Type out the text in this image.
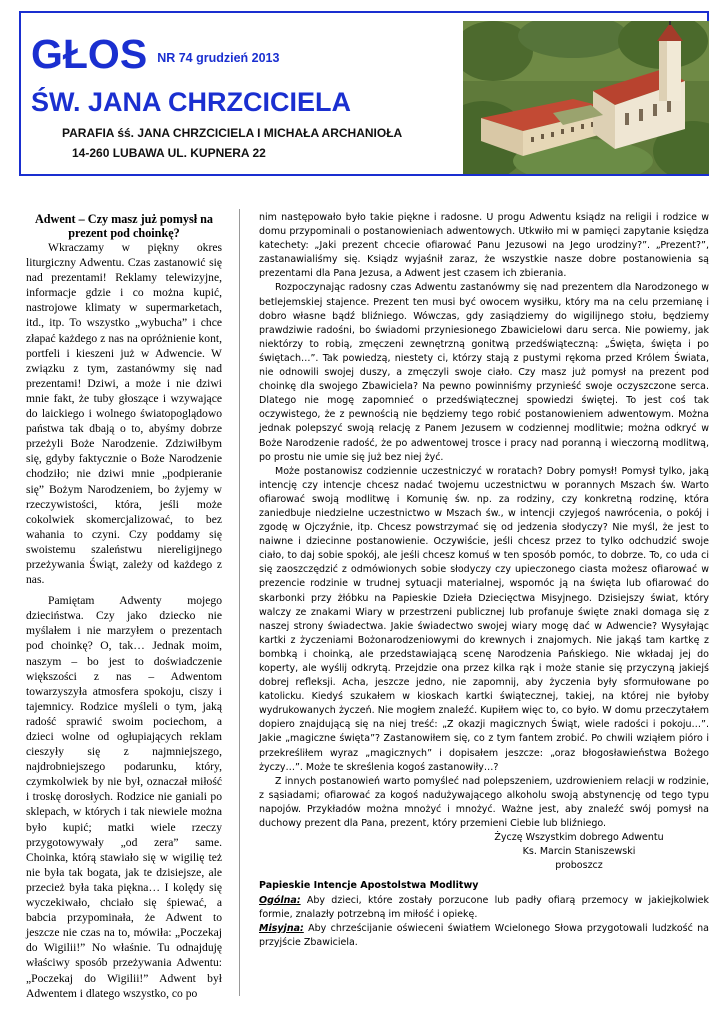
GŁOS $^{NR 74 grudzień 2013}$
ŚW. JANA CHRZCICIELA
PARAFIA śś. JANA CHRZCICIELA I MICHAŁA ARCHANIOŁA
14-260 LUBAWA UL. KUPNERA 22
Adwent – Czy masz już pomysł na prezent pod choinkę?

Wkraczamy w piękny okres liturgiczny Adwentu. Czas zastanowić się nad prezentami! Reklamy telewizyjne, informacje gdzie i co można kupić, nastrojowe klimaty w supermarketach, itd., itp. To wszystko „wybucha” i chce złapać każdego z nas na opróżnienie kont, portfeli i kieszeni już w Adwencie. W związku z tym, zastanówmy się nad prezentami! Dziwi, a może i nie dziwi mnie fakt, że tuby głoszące i wzywające do laickiego i wolnego światopoglądowo państwa tak dbają o to, abyśmy dobrze przeżyli Boże Narodzenie. Zdziwiłbym się, gdyby faktycznie o Boże Narodzenie chodziło; nie dziwi mnie „podpieranie się” Bożym Narodzeniem, bo żyjemy w rzeczywistości, która, jeśli może cokolwiek skomercjalizować, to bez wahania to czyni. Czy poddamy się swoistemu szaleństwu niereligijnego przeżywania Świąt, zależy od każdego z nas.

Pamiętam Adwenty mojego dzieciństwa. Czy jako dziecko nie myślałem i nie marzyłem o prezentach pod choinkę? O, tak… Jednak moim, naszym – bo jest to doświadczenie większości z nas – Adwentom towarzyszyła atmosfera spokoju, ciszy i tajemnicy. Rodzice myśleli o tym, jaką radość sprawić swoim pociechom, a dzieci wolne od ogłupiających reklam cieszyły się z najmniejszego, najdrobniejszego podarunku, który, czymkolwiek by nie był, oznaczał miłość i troskę dorosłych. Rodzice nie ganiali po sklepach, w których i tak niewiele można było kupić; matki wiele rzeczy przygotowywały „od zera” same. Choinka, którą stawiało się w wigilię też nie była tak bogata, jak te dzisiejsze, ale przecież była taka piękna… I kolędy się wyczekiwało, chciało się śpiewać, a babcia przypominała, że Adwent to jeszcze nie czas na to, mówiła: „Poczekaj do Wigilii!” No właśnie. Tu odnajduję właściwy sposób przeżywania Adwentu: „Poczekaj do Wigilii!” Adwent był Adwentem i dlatego wszystko, co po

nim następowało było takie piękne i radosne. U progu Adwentu ksiądz na religii i rodzice w domu przypominali o postanowieniach adwentowych. Utkwiło mi w pamięci zapytanie księdza katechety: „Jaki prezent chcecie ofiarować Panu Jezusowi na Jego urodziny?”. „Prezent?”, zastanawialiśmy się. Ksiądz wyjaśnił zaraz, że wszystkie nasze dobre postanowienia są prezentami dla Pana Jezusa, a Adwent jest czasem ich zbierania.

Rozpoczynając radosny czas Adwentu zastanówmy się nad prezentem dla Narodzonego w betlejemskiej stajence. Prezent ten musi być owocem wysiłku, który ma na celu przemianę i dobro własne bądź bliźniego. Wówczas, gdy zasiądziemy do wigilijnego stołu, będziemy prawdziwie radośni, bo świadomi przyniesionego Zbawicielowi daru serca. Nie powiemy, jak niektórzy to robią, zmęczeni zewnętrzną gonitwą przedświąteczną: „Święta, święta i po świętach…”. Tak powiedzą, niestety ci, którzy stają z pustymi rękoma przed Królem Świata, nie odnowili swojej duszy, a zmęczyli swoje ciało. Czy masz już pomysł na prezent pod choinkę dla swojego Zbawiciela? Na pewno powinniśmy przynieść swoje oczyszczone serca. Dlatego nie mogę zapomnieć o przedświątecznej spowiedzi świętej. To jest coś tak oczywistego, że z pewnością nie będziemy tego robić postanowieniem adwentowym. Można jednak polepszyć swoją relację z Panem Jezusem w codziennej modlitwie; można odkryć w Boże Narodzenie radość, że po adwentowej trosce i pracy nad poranną i wieczorną modlitwą, po prostu nie umie się już bez niej żyć.

Może postanowisz codziennie uczestniczyć w roratach? Dobry pomysł! Pomysł tylko, jaką intencję czy intencje chcesz nadać twojemu uczestnictwu w porannych Mszach św. Warto ofiarować swoją modlitwę i Komunię św. np. za rodziny, czy konkretną rodzinę, która zaniedbuje niedzielne uczestnictwo w Mszach św., w intencji czyjegoś nawrócenia, o pokój i zgodę w Ojczyźnie, itp. Chcesz powstrzymać się od jedzenia słodyczy? Nie myśl, że jest to naiwne i dziecinne postanowienie. Oczywiście, jeśli chcesz przez to tylko odchudzić swoje ciało, to daj sobie spokój, ale jeśli chcesz komuś w ten sposób pomóc, to dobrze. To, co uda ci się zaoszczędzić z odmówionych sobie słodyczy czy upieczonego ciasta możesz ofiarować w prezencie rodzinie w trudnej sytuacji materialnej, wspomóc ją na święta lub ofiarować do skarbonki przy żłóbku na Papieskie Dzieła Dziecięctwa Misyjnego. Dzisiejszy świat, który walczy ze znakami Wiary w przestrzeni publicznej lub profanuje święte znaki domaga się z naszej strony świadectwa. Jakie świadectwo swojej wiary mogę dać w Adwencie? Wysyłając kartki z życzeniami Bożonarodzeniowymi do krewnych i znajomych. Nie jakąś tam kartkę z bombką i choinką, ale przedstawiającą scenę Narodzenia Pańskiego. Nie wkładaj jej do koperty, ale wyślij odkrytą. Przejdzie ona przez kilka rąk i może stanie się przyczyną jakiejś dobrej refleksji. Acha, jeszcze jedno, nie zapomnij, aby życzenia były sformułowane po katolicku. Kiedyś szukałem w kioskach kartki świątecznej, takiej, na której nie byłoby wydrukowanych życzeń. Nie mogłem znaleźć. Kupiłem więc to, co było. W domu przeczytałem dopiero znajdującą się na niej treść: „Z okazji magicznych Świąt, wiele radości i pokoju…”. Jakie „magiczne święta”? Zastanowiłem się, co z tym fantem zrobić. Po chwili wziąłem pióro i przekreśliłem wyraz „magicznych” i dopisałem jeszcze: „oraz błogosławieństwa Bożego życzy…”. Może te skreślenia kogoś zastanowiły…?

Z innych postanowień warto pomyśleć nad polepszeniem, uzdrowieniem relacji w rodzinie, z sąsiadami; ofiarować za kogoś nadużywającego alkoholu swoją abstynencję od tego typu napojów. Przykładów można mnożyć i mnożyć. Ważne jest, aby znaleźć swój pomysł na duchowy prezent dla Pana, prezent, który przemieni Ciebie lub bliźniego.

Życzę Wszystkim dobrego Adwentu

Ks. Marcin Staniszewski

proboszcz

Papieskie Intencje Apostolstwa Modlitwy

Ogólna: Aby dzieci, które zostały porzucone lub padły ofiarą przemocy w jakiejkolwiek formie, znalazły potrzebną im miłość i opiekę.

Misyjna: Aby chrześcijanie oświeceni światłem Wcielonego Słowa przygotowali ludzkość na przyjście Zbawiciela.
